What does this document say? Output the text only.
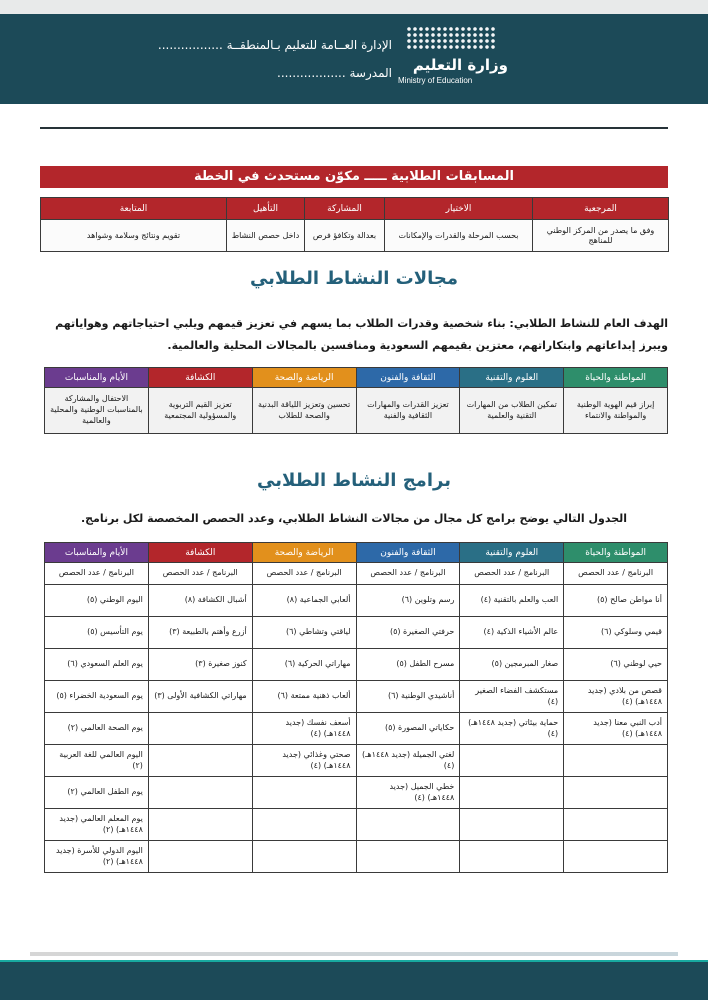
وزارة التعليم
Ministry of Education
الإدارة العــامة للتعليم بـالمنطقــة .................
المدرسة ..................
المسابقات الطلابية ـــــ مكوّن مستحدث في الخطة
المرجعية	الاختيار	المشاركة	التأهيل	المتابعة
وفق ما يصدر من المركز الوطني للمناهج	بحسب المرحلة والقدرات والإمكانات	بعدالة وتكافؤ فرص	داخل حصص النشاط	تقويم ونتائج وسلامة وشواهد
مجالات النشاط الطلابي
الهدف العام للنشاط الطلابي: بناء شخصية وقدرات الطلاب بما يسهم في تعزيز قيمهم ويلبي احتياجاتهم وهواياتهم ويبرز إبداعاتهم وابتكاراتهم، معتزين بقيمهم السعودية ومنافسين بالمجالات المحلية والعالمية.
المواطنة والحياة	العلوم والتقنية	الثقافة والفنون	الرياضة والصحة	الكشافة	الأيام والمناسبات
إبراز قيم الهوية الوطنية والمواطنة والانتماء	تمكين الطلاب من المهارات التقنية والعلمية	تعزيز القدرات والمهارات الثقافية والفنية	تحسين وتعزيز اللياقة البدنية والصحة للطلاب	تعزيز القيم التربوية والمسؤولية المجتمعية	الاحتفال والمشاركة بالمناسبات الوطنية والمحلية والعالمية
برامج النشاط الطلابي
الجدول التالي يوضح برامج كل مجال من مجالات النشاط الطلابي، وعدد الحصص المخصصة لكل برنامج.
المواطنة والحياة	العلوم والتقنية	الثقافة والفنون	الرياضة والصحة	الكشافة	الأيام والمناسبات
البرنامج / عدد الحصص	البرنامج / عدد الحصص	البرنامج / عدد الحصص	البرنامج / عدد الحصص	البرنامج / عدد الحصص	البرنامج / عدد الحصص
أنا مواطن صالح (٥)	العب والعلم بالتقنية (٤)	رسم وتلوين (٦)	ألعابي الجماعية (٨)	أشبال الكشافة (٨)	اليوم الوطني (٥)
قيمي وسلوكي (٦)	عالم الأشياء الذكية (٤)	حرفتي الصغيرة (٥)	لياقتي وتشاطي (٦)	أزرع وأهتم بالطبيعة (٣)	يوم التأسيس (٥)
حيي لوطني (٦)	صغار المبرمجين (٥)	مسرح الطفل (٥)	مهاراتي الحركية (٦)	كنوز صغيرة (٣)	يوم العلم السعودي (٦)
قصص من بلادي (جديد ١٤٤٨هـ) (٤)	مستكشف الفضاء الصغير (٤)	أناشيدي الوطنية (٦)	ألعاب ذهنية ممتعة (٦)	مهاراتي الكشافية الأولى (٣)	يوم السعودية الخضراء (٥)
أدب النبي معنا (جديد ١٤٤٨هـ) (٤)	حماية بيئاتي (جديد ١٤٤٨هـ) (٤)	حكاياتي المصورة (٥)	أسعف نفسك (جديد ١٤٤٨هـ) (٤)		يوم الصحة العالمي (٢)
		لغتي الجميلة (جديد ١٤٤٨هـ) (٤)	صحتي وغذائي (جديد ١٤٤٨هـ) (٤)		اليوم العالمي للغة العربية (٢)
		خطي الجميل (جديد ١٤٤٨هـ) (٤)			يوم الطفل العالمي (٢)
					يوم المعلم العالمي (جديد ١٤٤٨هـ) (٢)
					اليوم الدولي للأسرة (جديد ١٤٤٨هـ) (٢)
